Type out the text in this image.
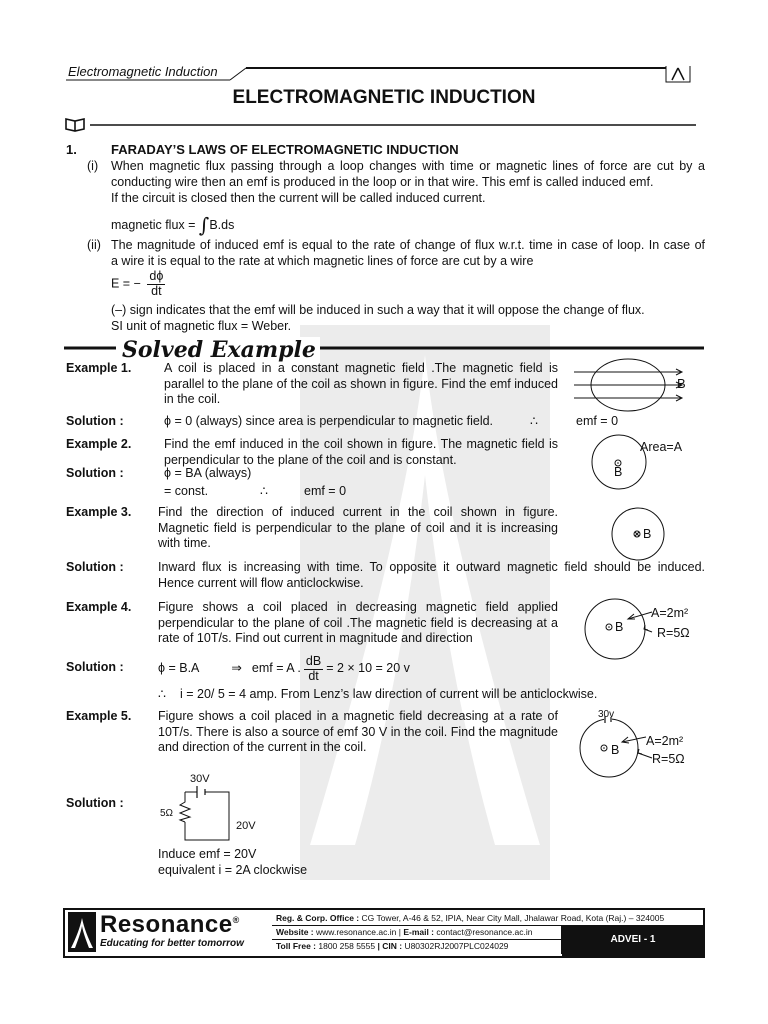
Electromagnetic Induction
ELECTROMAGNETIC INDUCTION
1.	FARADAY’S LAWS OF ELECTROMAGNETIC INDUCTION
(i) When magnetic flux passing through a loop changes with time or magnetic lines of force are cut by a
conducting wire then an emf is produced in the loop or in that wire. This emf is called induced emf.
If the circuit is closed then the current will be called induced current.
magnetic flux = ∫B.ds
(ii) The magnitude of induced emf is equal to the rate of change of flux w.r.t. time in case of loop. In case of
a wire it is equal to the rate at which magnetic lines of force are cut by a wire
E = − $\frac{d\phi}{dt}$
(–) sign indicates that the emf will be induced in such a way that it will oppose the change of flux.
SI unit of magnetic flux = Weber.
Solved Example
Example 1.	A coil is placed in a constant magnetic field .The magnetic field is parallel to the plane of the coil as shown in figure. Find the emf induced in the coil.
B
Solution :	ϕ = 0 (always) since area is perpendicular to magnetic field.	∴	emf = 0
Example 2.	Find the emf induced in the coil shown in figure. The magnetic field is perpendicular to the plane of the coil and is constant.
Area=A
B
Solution :	ϕ = BA (always)
= const.	∴	emf = 0
Example 3. Find the direction of induced current in the coil shown in figure. Magnetic field is perpendicular to the plane of coil and it is increasing with time.
B
Solution :	Inward flux is increasing with time. To opposite it outward magnetic field should be induced.
Hence current will flow anticlockwise.
Example 4. Figure shows a coil placed in decreasing magnetic field applied perpendicular to the plane of coil .The magnetic field is decreasing at a rate of 10T/s. Find out current in magnitude and direction
B
A=2m²
R=5Ω
Solution :	ϕ = B.A	⇒ emf = A . $\frac{dB}{dt} = 2 \times 10 = 20$ v
∴ i = 20/ 5 = 4 amp. From Lenz’s law direction of current will be anticlockwise.
Example 5. Figure shows a coil placed in a magnetic field decreasing at a rate of 10T/s. There is also a source of emf 30 V in the coil. Find the magnitude and direction of the current in the coil.
30v
B
A=2m²
R=5Ω
Solution :
30V
5Ω
20V
Induce emf = 20V
equivalent i = 2A clockwise
Resonance®
Educating for better tomorrow
Reg. & Corp. Office : CG Tower, A-46 & 52, IPIA, Near City Mall, Jhalawar Road, Kota (Raj.) – 324005
Website : www.resonance.ac.in | E-mail : contact@resonance.ac.in
Toll Free : 1800 258 5555 | CIN : U80302RJ2007PLC024029
ADVEI - 1
